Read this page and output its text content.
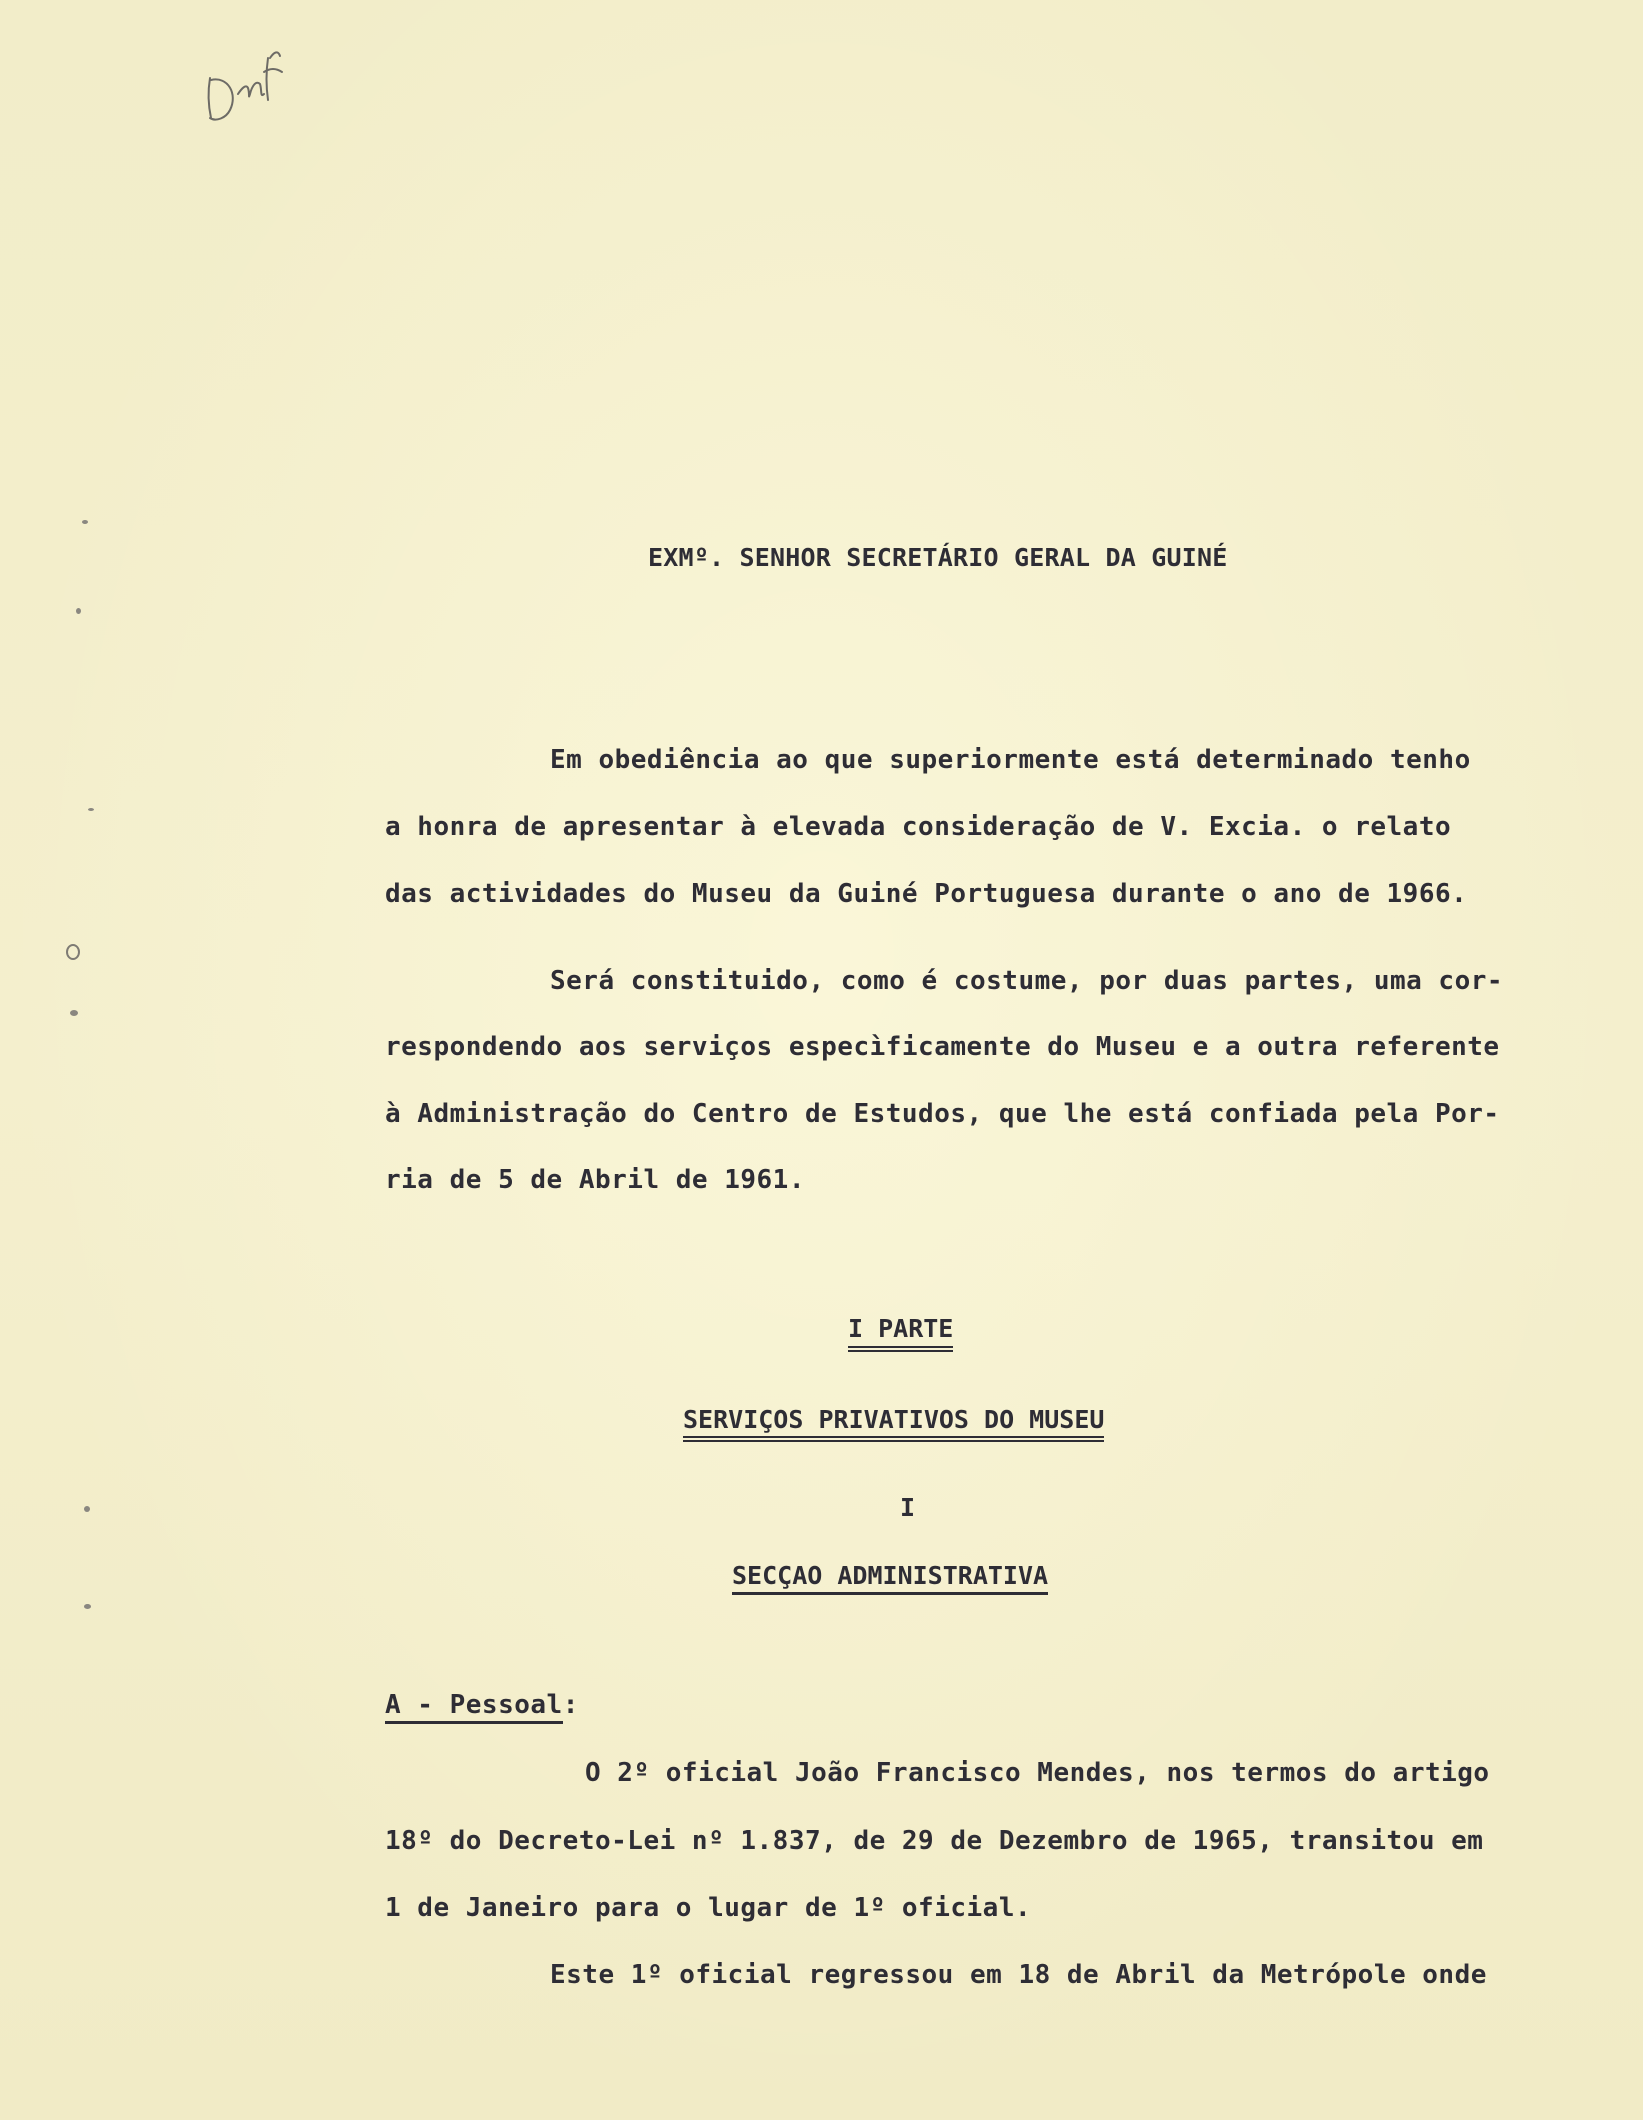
EXMº. SENHOR SECRETÁRIO GERAL DA GUINÉ
Em obediência ao que superiormente está determinado tenho
a honra de apresentar à elevada consideração de V. Excia. o relato
das actividades do Museu da Guiné Portuguesa durante o ano de 1966.
Será constituido, como é costume, por duas partes, uma cor-
respondendo aos serviços especìficamente do Museu e a outra referente
à Administração do Centro de Estudos, que lhe está confiada pela Por-
ria de 5 de Abril de 1961.
I PARTE
SERVIÇOS PRIVATIVOS DO MUSEU
I
SECÇAO ADMINISTRATIVA
A - Pessoal:
O 2º oficial João Francisco Mendes, nos termos do artigo
18º do Decreto-Lei nº 1.837, de 29 de Dezembro de 1965, transitou em
1 de Janeiro para o lugar de 1º oficial.
Este 1º oficial regressou em 18 de Abril da Metrópole onde
